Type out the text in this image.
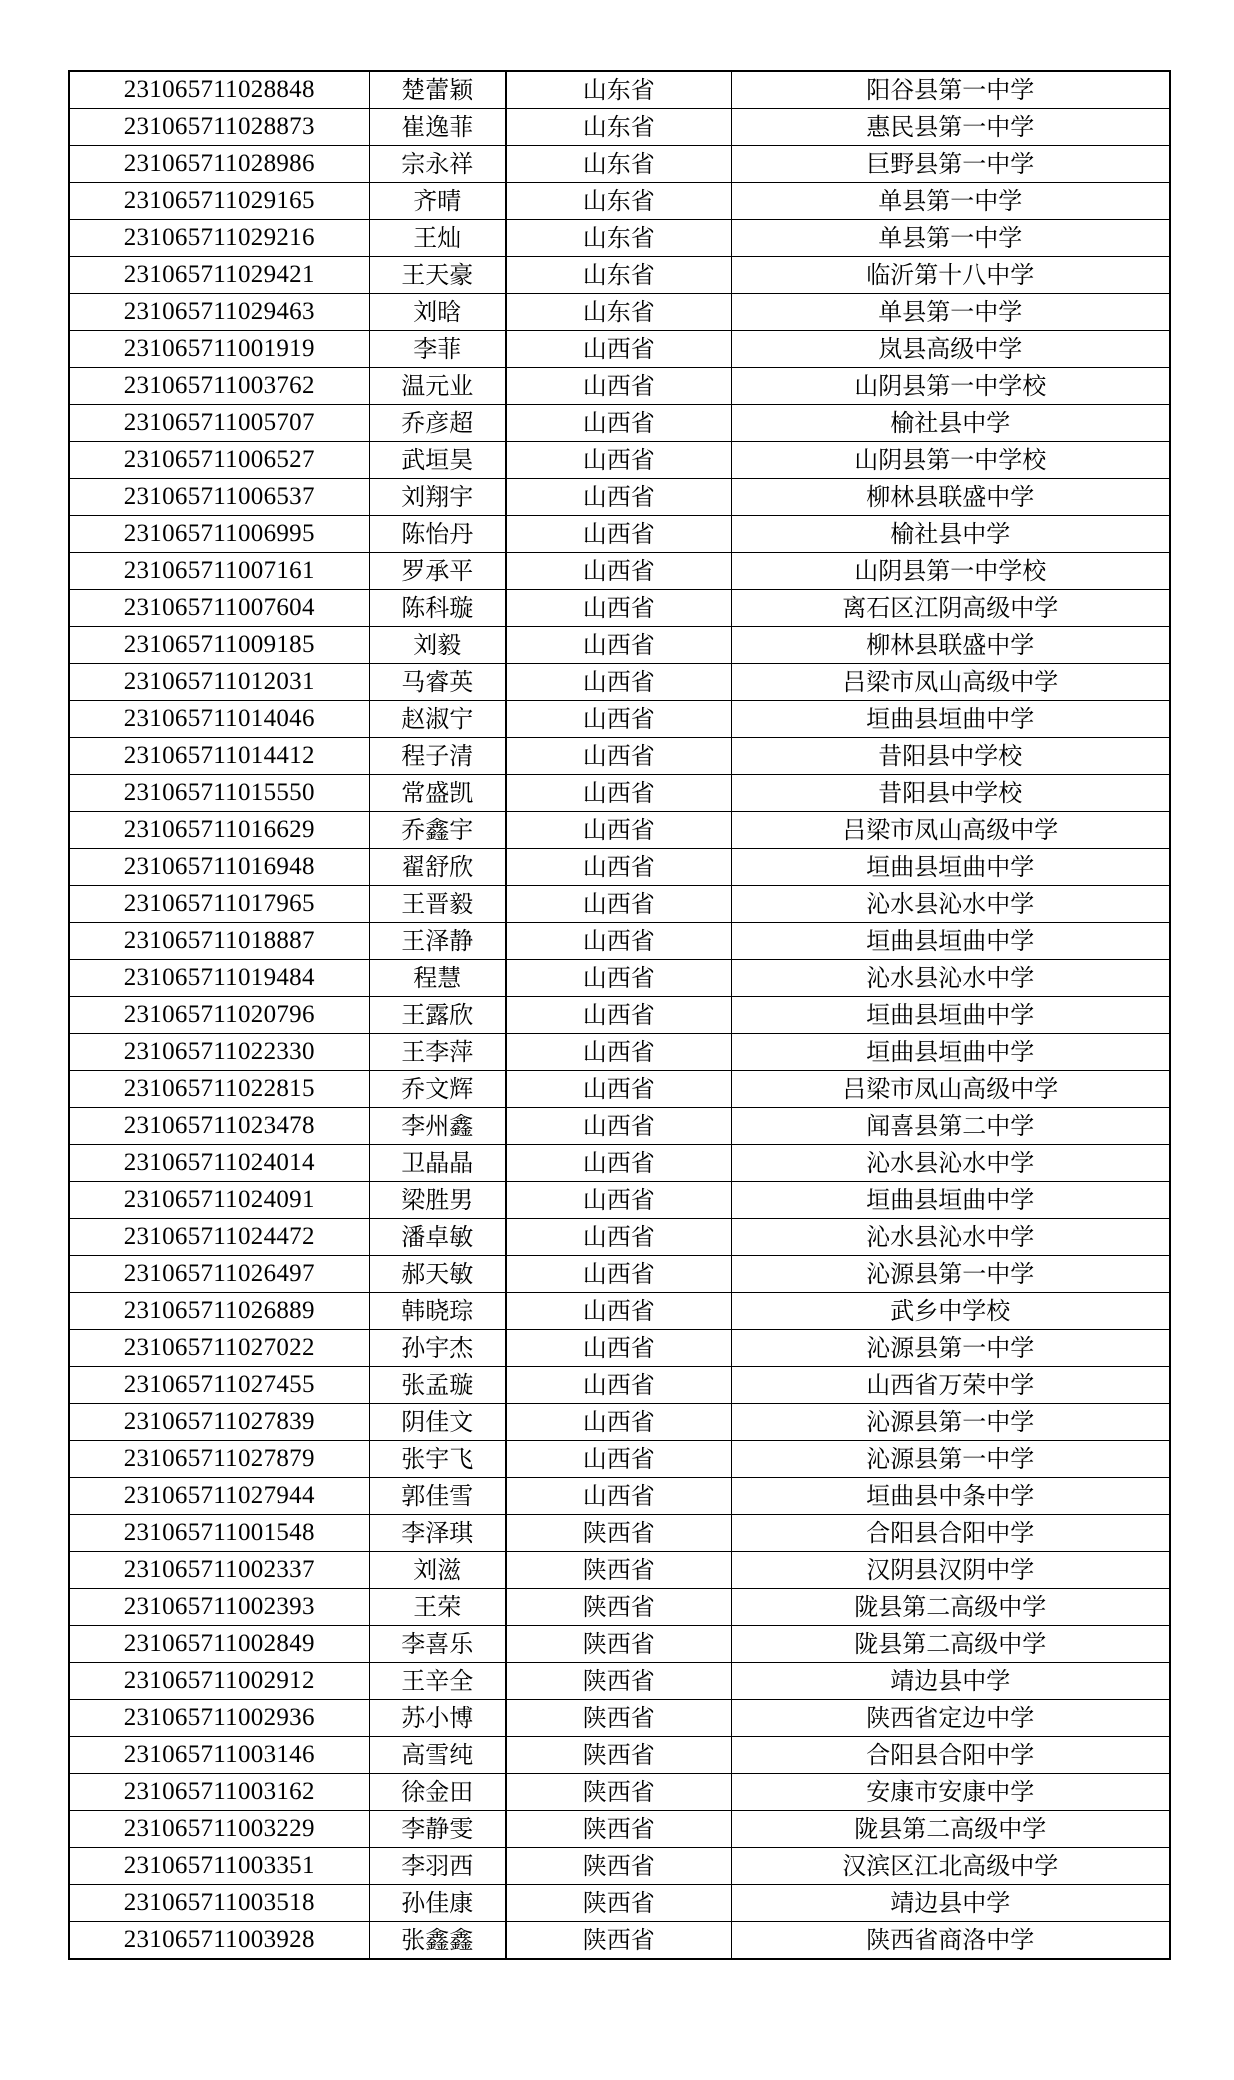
231065711028848	楚蕾颖	山东省	阳谷县第一中学
231065711028873	崔逸菲	山东省	惠民县第一中学
231065711028986	宗永祥	山东省	巨野县第一中学
231065711029165	齐晴	山东省	单县第一中学
231065711029216	王灿	山东省	单县第一中学
231065711029421	王天豪	山东省	临沂第十八中学
231065711029463	刘晗	山东省	单县第一中学
231065711001919	李菲	山西省	岚县高级中学
231065711003762	温元业	山西省	山阴县第一中学校
231065711005707	乔彦超	山西省	榆社县中学
231065711006527	武垣昊	山西省	山阴县第一中学校
231065711006537	刘翔宇	山西省	柳林县联盛中学
231065711006995	陈怡丹	山西省	榆社县中学
231065711007161	罗承平	山西省	山阴县第一中学校
231065711007604	陈科璇	山西省	离石区江阴高级中学
231065711009185	刘毅	山西省	柳林县联盛中学
231065711012031	马睿英	山西省	吕梁市凤山高级中学
231065711014046	赵淑宁	山西省	垣曲县垣曲中学
231065711014412	程子清	山西省	昔阳县中学校
231065711015550	常盛凯	山西省	昔阳县中学校
231065711016629	乔鑫宇	山西省	吕梁市凤山高级中学
231065711016948	翟舒欣	山西省	垣曲县垣曲中学
231065711017965	王晋毅	山西省	沁水县沁水中学
231065711018887	王泽静	山西省	垣曲县垣曲中学
231065711019484	程慧	山西省	沁水县沁水中学
231065711020796	王露欣	山西省	垣曲县垣曲中学
231065711022330	王李萍	山西省	垣曲县垣曲中学
231065711022815	乔文辉	山西省	吕梁市凤山高级中学
231065711023478	李州鑫	山西省	闻喜县第二中学
231065711024014	卫晶晶	山西省	沁水县沁水中学
231065711024091	梁胜男	山西省	垣曲县垣曲中学
231065711024472	潘卓敏	山西省	沁水县沁水中学
231065711026497	郝天敏	山西省	沁源县第一中学
231065711026889	韩晓琮	山西省	武乡中学校
231065711027022	孙宇杰	山西省	沁源县第一中学
231065711027455	张孟璇	山西省	山西省万荣中学
231065711027839	阴佳文	山西省	沁源县第一中学
231065711027879	张宇飞	山西省	沁源县第一中学
231065711027944	郭佳雪	山西省	垣曲县中条中学
231065711001548	李泽琪	陕西省	合阳县合阳中学
231065711002337	刘滋	陕西省	汉阴县汉阴中学
231065711002393	王荣	陕西省	陇县第二高级中学
231065711002849	李喜乐	陕西省	陇县第二高级中学
231065711002912	王辛全	陕西省	靖边县中学
231065711002936	苏小博	陕西省	陕西省定边中学
231065711003146	高雪纯	陕西省	合阳县合阳中学
231065711003162	徐金田	陕西省	安康市安康中学
231065711003229	李静雯	陕西省	陇县第二高级中学
231065711003351	李羽西	陕西省	汉滨区江北高级中学
231065711003518	孙佳康	陕西省	靖边县中学
231065711003928	张鑫鑫	陕西省	陕西省商洛中学
